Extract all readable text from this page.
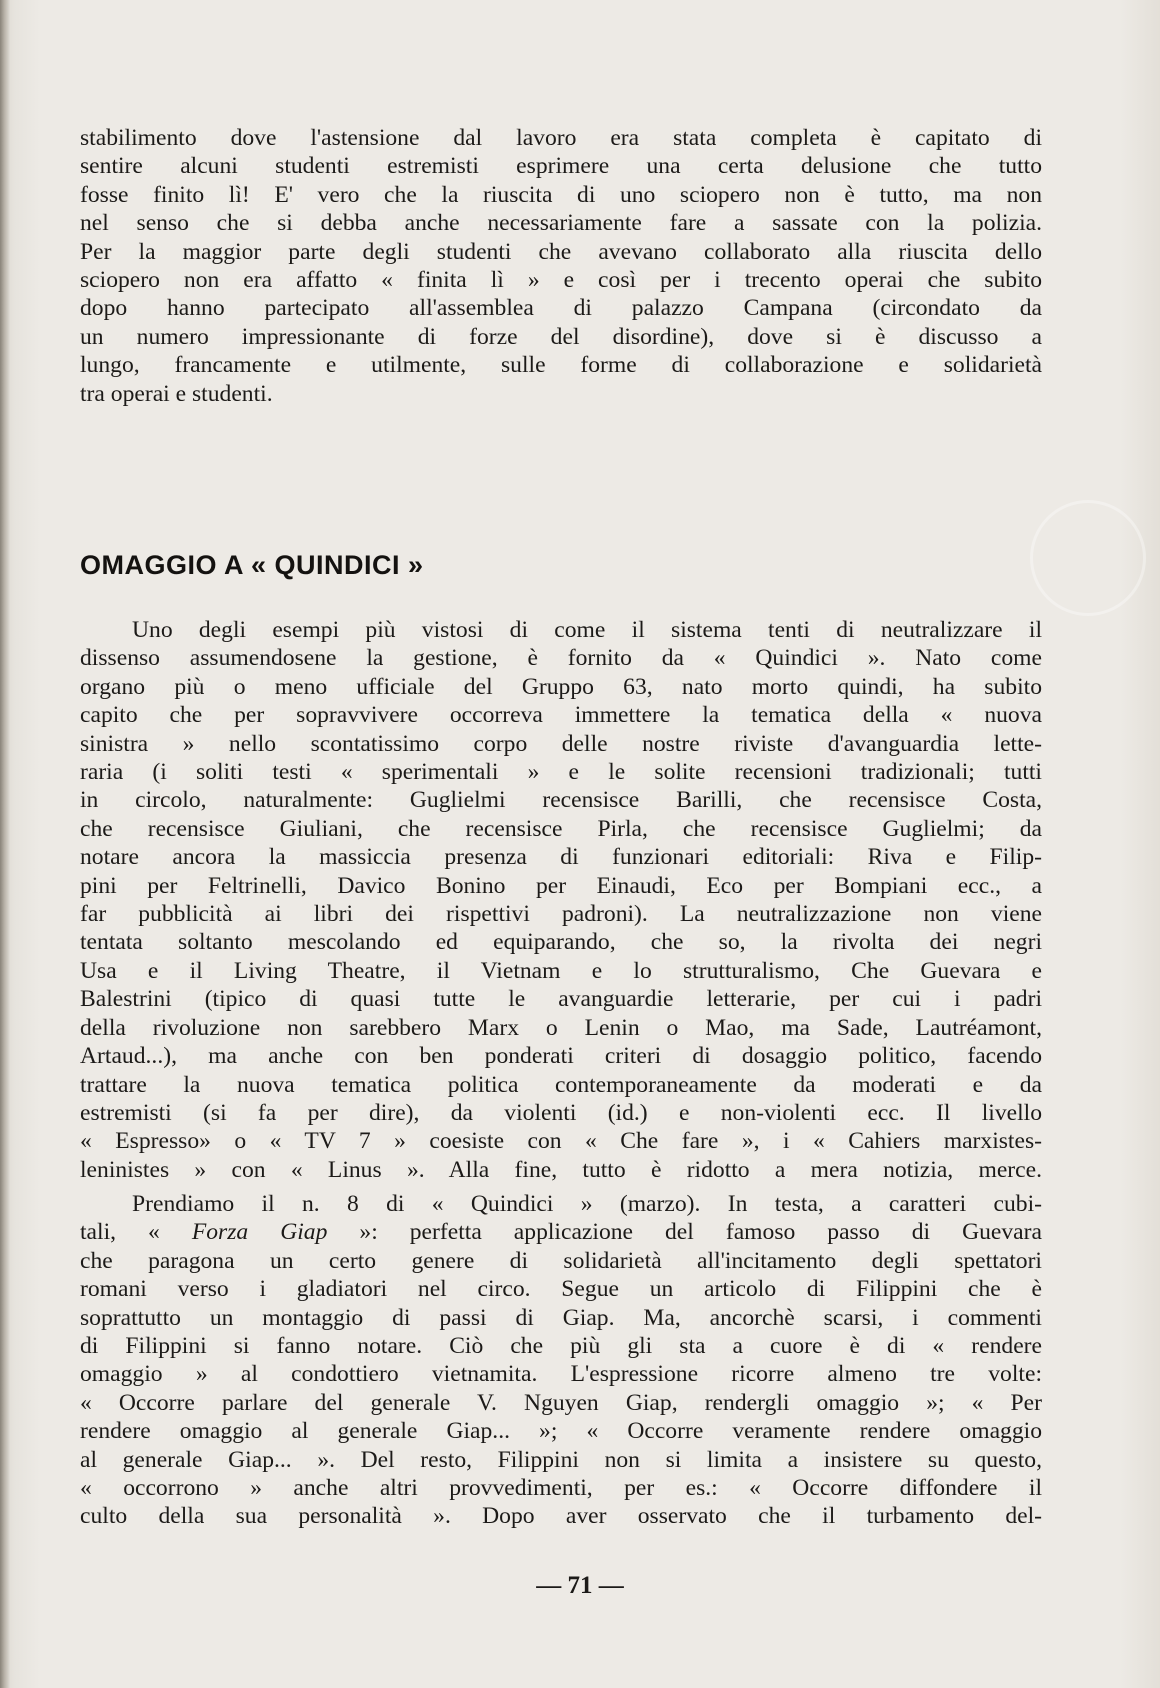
stabilimento dove l'astensione dal lavoro era stata completa è capitato di
sentire alcuni studenti estremisti esprimere una certa delusione che tutto
fosse finito lì! E' vero che la riuscita di uno sciopero non è tutto, ma non
nel senso che si debba anche necessariamente fare a sassate con la polizia.
Per la maggior parte degli studenti che avevano collaborato alla riuscita dello
sciopero non era affatto « finita lì » e così per i trecento operai che subito
dopo hanno partecipato all'assemblea di palazzo Campana (circondato da
un numero impressionante di forze del disordine), dove si è discusso a
lungo, francamente e utilmente, sulle forme di collaborazione e solidarietà
tra operai e studenti.
OMAGGIO A « QUINDICI »
Uno degli esempi più vistosi di come il sistema tenti di neutralizzare il
dissenso assumendosene la gestione, è fornito da « Quindici ». Nato come
organo più o meno ufficiale del Gruppo 63, nato morto quindi, ha subito
capito che per sopravvivere occorreva immettere la tematica della « nuova
sinistra » nello scontatissimo corpo delle nostre riviste d'avanguardia lette-
raria (i soliti testi « sperimentali » e le solite recensioni tradizionali; tutti
in circolo, naturalmente: Guglielmi recensisce Barilli, che recensisce Costa,
che recensisce Giuliani, che recensisce Pirla, che recensisce Guglielmi; da
notare ancora la massiccia presenza di funzionari editoriali: Riva e Filip-
pini per Feltrinelli, Davico Bonino per Einaudi, Eco per Bompiani ecc., a
far pubblicità ai libri dei rispettivi padroni). La neutralizzazione non viene
tentata soltanto mescolando ed equiparando, che so, la rivolta dei negri
Usa e il Living Theatre, il Vietnam e lo strutturalismo, Che Guevara e
Balestrini (tipico di quasi tutte le avanguardie letterarie, per cui i padri
della rivoluzione non sarebbero Marx o Lenin o Mao, ma Sade, Lautréamont,
Artaud...), ma anche con ben ponderati criteri di dosaggio politico, facendo
trattare la nuova tematica politica contemporaneamente da moderati e da
estremisti (si fa per dire), da violenti (id.) e non-violenti ecc. Il livello
« Espresso» o « TV 7 » coesiste con « Che fare », i « Cahiers marxistes-
leninistes » con « Linus ». Alla fine, tutto è ridotto a mera notizia, merce.
Prendiamo il n. 8 di « Quindici » (marzo). In testa, a caratteri cubi-
tali, « Forza Giap »: perfetta applicazione del famoso passo di Guevara
che paragona un certo genere di solidarietà all'incitamento degli spettatori
romani verso i gladiatori nel circo. Segue un articolo di Filippini che è
soprattutto un montaggio di passi di Giap. Ma, ancorchè scarsi, i commenti
di Filippini si fanno notare. Ciò che più gli sta a cuore è di « rendere
omaggio » al condottiero vietnamita. L'espressione ricorre almeno tre volte:
« Occorre parlare del generale V. Nguyen Giap, rendergli omaggio »; « Per
rendere omaggio al generale Giap... »; « Occorre veramente rendere omaggio
al generale Giap... ». Del resto, Filippini non si limita a insistere su questo,
« occorrono » anche altri provvedimenti, per es.: « Occorre diffondere il
culto della sua personalità ». Dopo aver osservato che il turbamento del-
— 71 —
